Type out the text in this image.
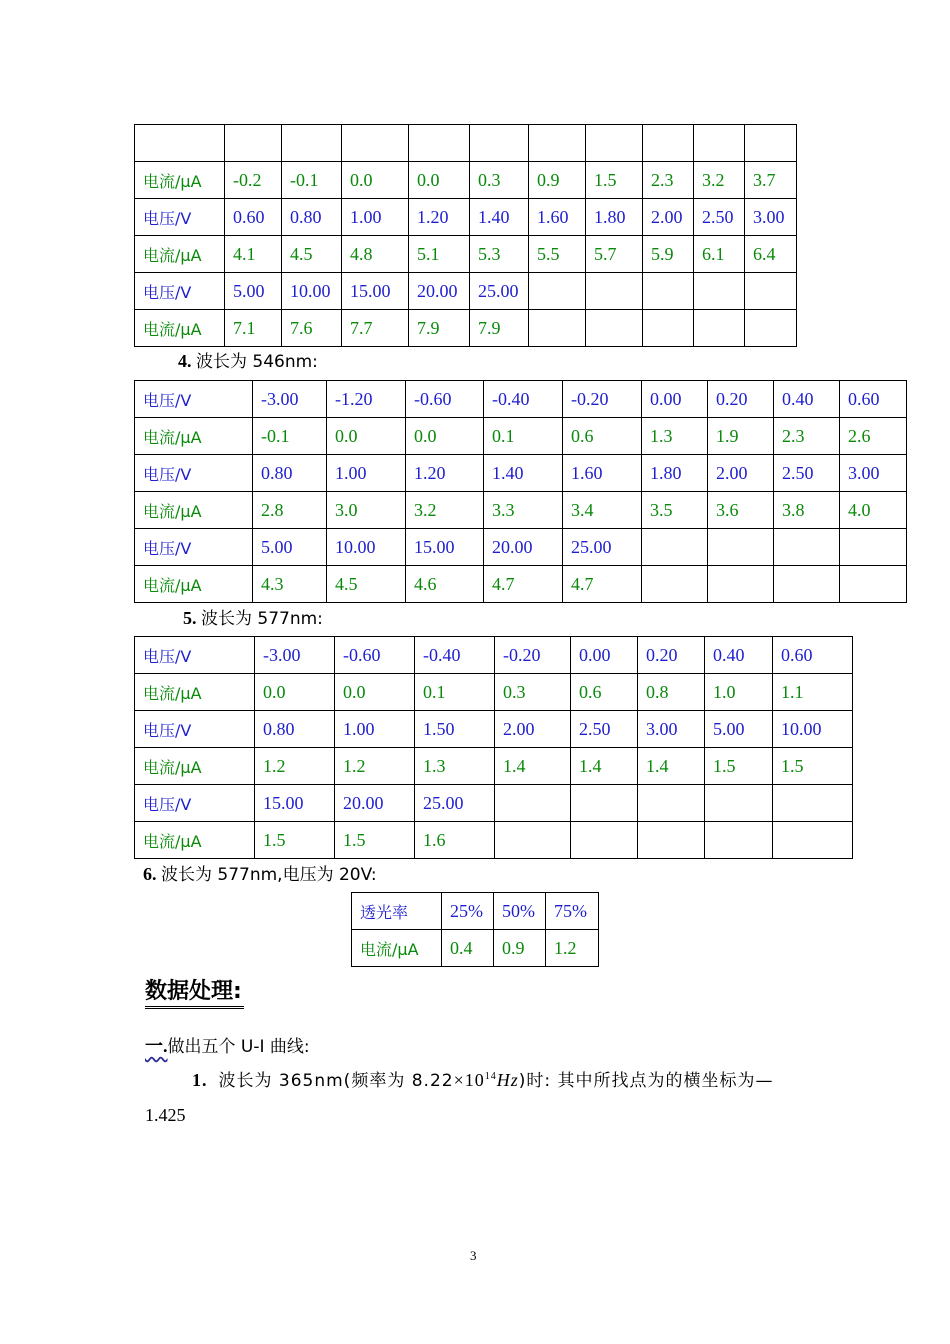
电流/μA	-0.2	-0.1	0.0	0.0	0.3	0.9	1.5	2.3	3.2	3.7
电压/V	0.60	0.80	1.00	1.20	1.40	1.60	1.80	2.00	2.50	3.00
电流/μA	4.1	4.5	4.8	5.1	5.3	5.5	5.7	5.9	6.1	6.4
电压/V	5.00	10.00	15.00	20.00	25.00					
电流/μA	7.1	7.6	7.7	7.9	7.9					
4. 波长为 546nm:
电压/V	-3.00	-1.20	-0.60	-0.40	-0.20	0.00	0.20	0.40	0.60
电流/μA	-0.1	0.0	0.0	0.1	0.6	1.3	1.9	2.3	2.6
电压/V	0.80	1.00	1.20	1.40	1.60	1.80	2.00	2.50	3.00
电流/μA	2.8	3.0	3.2	3.3	3.4	3.5	3.6	3.8	4.0
电压/V	5.00	10.00	15.00	20.00	25.00				
电流/μA	4.3	4.5	4.6	4.7	4.7				
5. 波长为 577nm:
电压/V	-3.00	-0.60	-0.40	-0.20	0.00	0.20	0.40	0.60
电流/μA	0.0	0.0	0.1	0.3	0.6	0.8	1.0	1.1
电压/V	0.80	1.00	1.50	2.00	2.50	3.00	5.00	10.00
电流/μA	1.2	1.2	1.3	1.4	1.4	1.4	1.5	1.5
电压/V	15.00	20.00	25.00					
电流/μA	1.5	1.5	1.6					
6. 波长为 577nm,电压为 20V:
透光率	25%	50%	75%
电流/μA	0.4	0.9	1.2
数据处理:
一.做出五个 U-I 曲线:
1. 波长为 365nm(频率为 $8.22\times 10^{14}Hz$)时: 其中所找点为的横坐标为—
1.425
3
